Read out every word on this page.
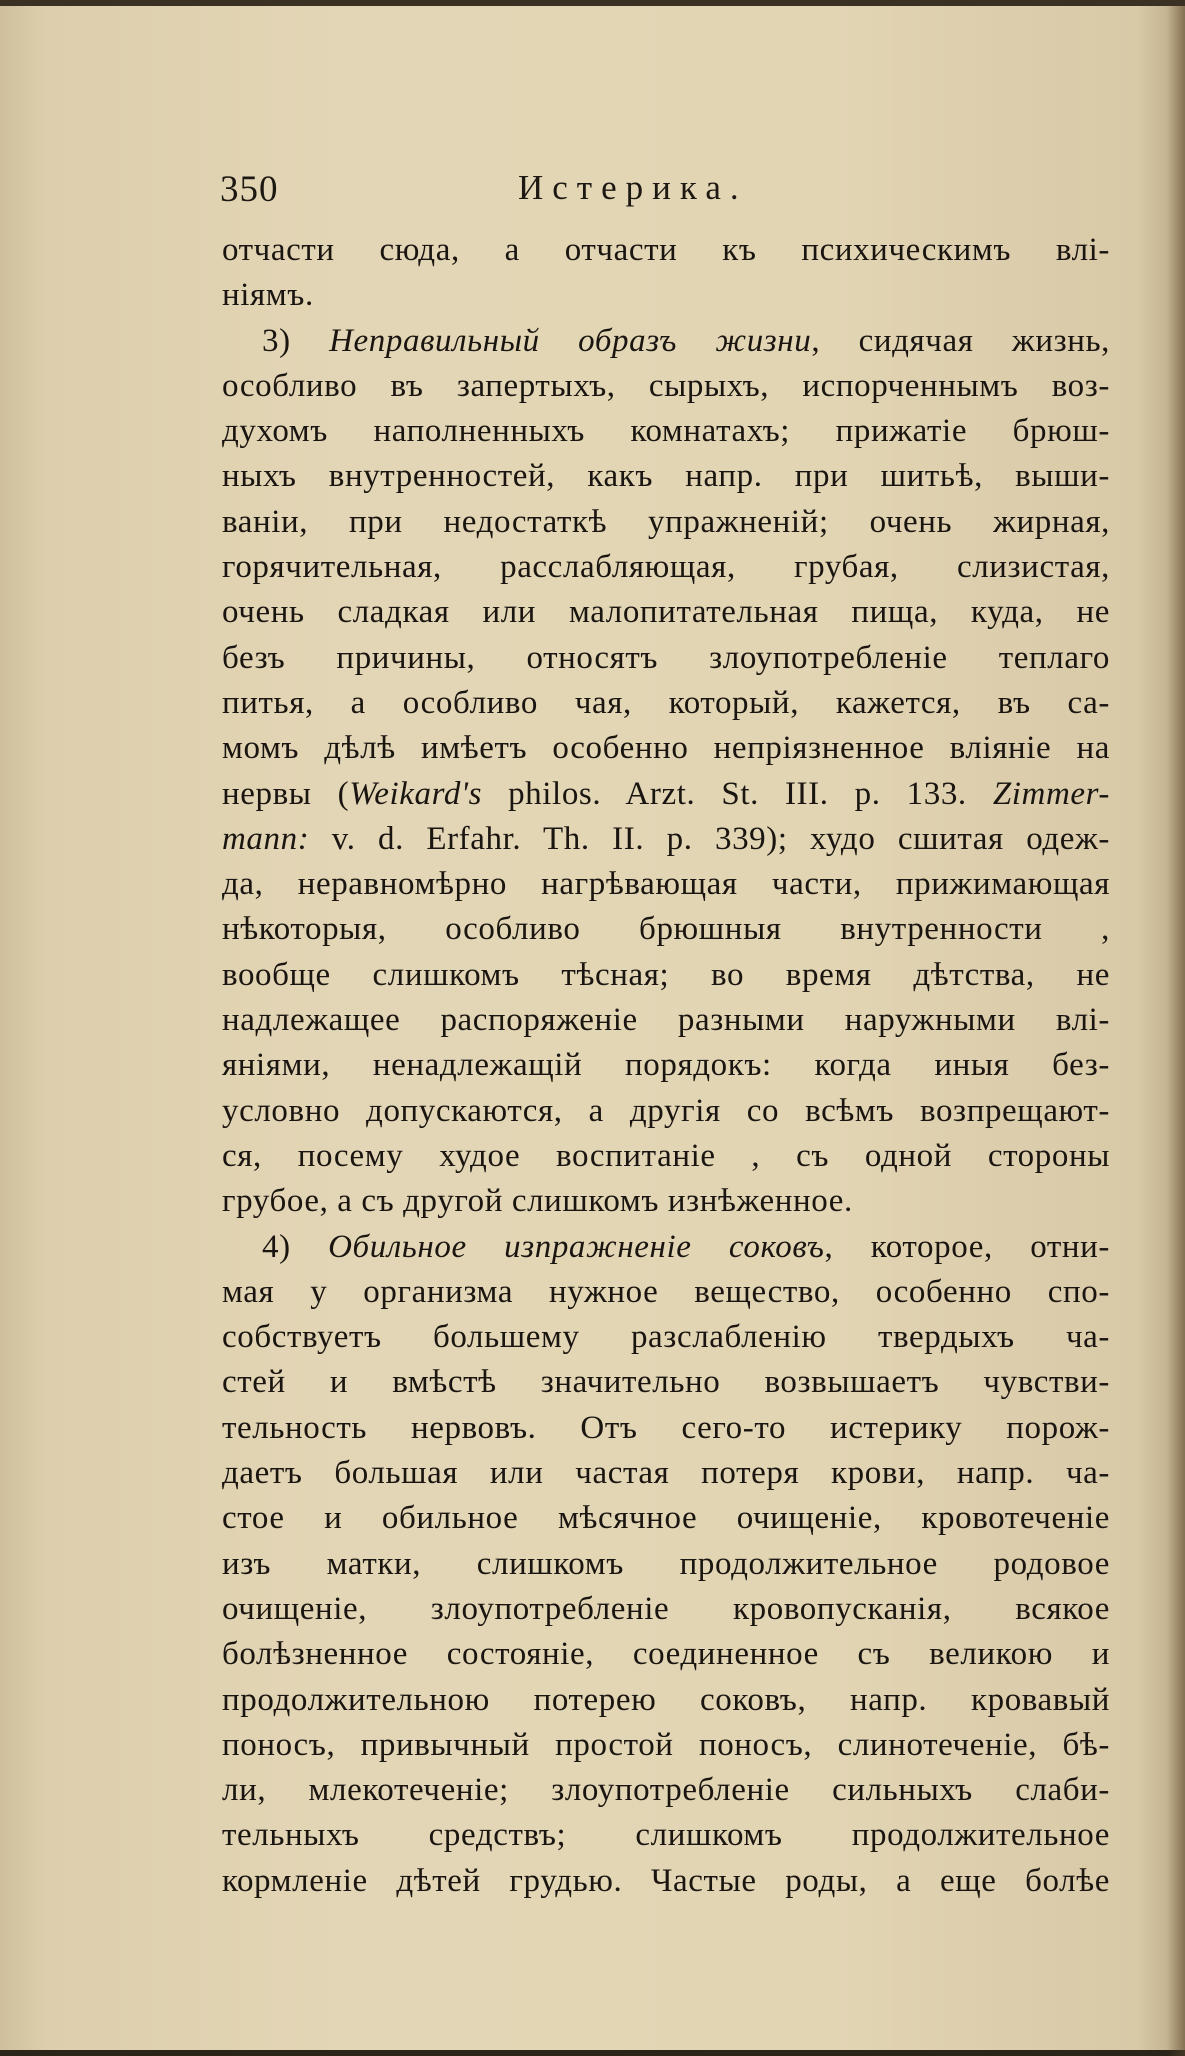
350	Истерика.
отчасти сюда, а отчасти къ психическимъ влі-
ніямъ.
3) Неправильный образъ жизни, сидячая жизнь,
особливо въ запертыхъ, сырыхъ, испорченнымъ воз-
духомъ наполненныхъ комнатахъ; прижатіе брюш-
ныхъ внутренностей, какъ напр. при шитьѣ, выши-
ваніи, при недостаткѣ упражненій; очень жирная,
горячительная, расслабляющая, грубая, слизистая,
очень сладкая или малопитательная пища, куда, не
безъ причины, относятъ злоупотребленіе теплаго
питья, а особливо чая, который, кажется, въ са-
момъ дѣлѣ имѣетъ особенно непріязненное вліяніе на
нервы (Weikard's philos. Arzt. St. III. p. 133. Zimmer-
mann: v. d. Erfahr. Th. II. p. 339); худо сшитая одеж-
да, неравномѣрно нагрѣвающая части, прижимающая
нѣкоторыя, особливо брюшныя внутренности ,
вообще слишкомъ тѣсная; во время дѣтства, не
надлежащее распоряженіе разными наружными влі-
яніями, ненадлежащій порядокъ: когда иныя без-
условно допускаются, а другія со всѣмъ возпрещают-
ся, посему худое воспитаніе , съ одной стороны
грубое, а съ другой слишкомъ изнѣженное.
4) Обильное изпражненіе соковъ, которое, отни-
мая у организма нужное вещество, особенно спо-
собствуетъ большему разслабленію твердыхъ ча-
стей и вмѣстѣ значительно возвышаетъ чувстви-
тельность нервовъ. Отъ сего-то истерику порож-
даетъ большая или частая потеря крови, напр. ча-
стое и обильное мѣсячное очищеніе, кровотеченіе
изъ матки, слишкомъ продолжительное родовое
очищеніе, злоупотребленіе кровопусканія, всякое
болѣзненное состояніе, соединенное съ великою и
продолжительною потерею соковъ, напр. кровавый
поносъ, привычный простой поносъ, слинотеченіе, бѣ-
ли, млекотеченіе; злоупотребленіе сильныхъ слаби-
тельныхъ средствъ; слишкомъ продолжительное
кормленіе дѣтей грудью. Частые роды, а еще болѣе
